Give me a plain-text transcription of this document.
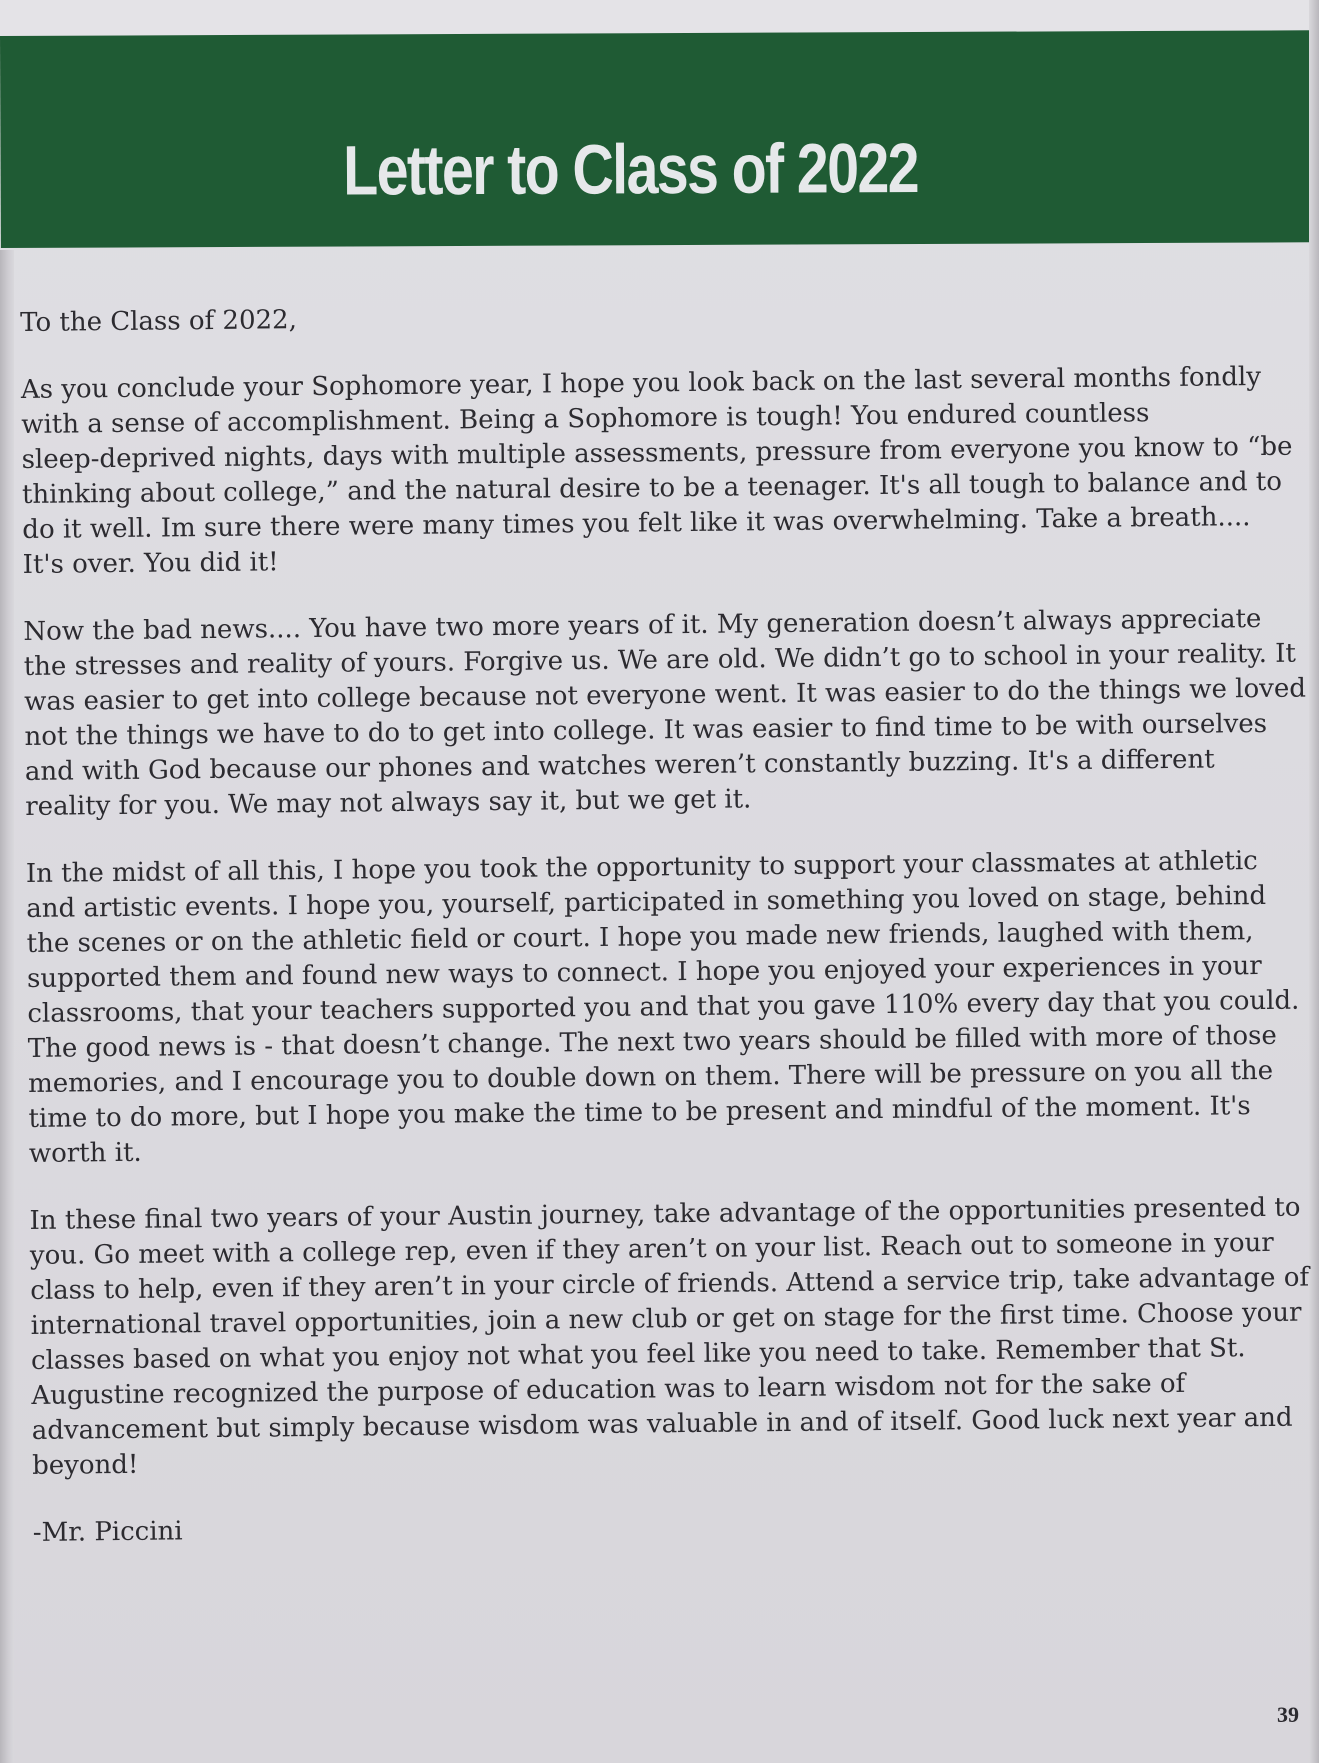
Letter to Class of 2022

To the Class of 2022,

As you conclude your Sophomore year, I hope you look back on the last several months fondly
with a sense of accomplishment. Being a Sophomore is tough! You endured countless
sleep-deprived nights, days with multiple assessments, pressure from everyone you know to “be
thinking about college,” and the natural desire to be a teenager. It's all tough to balance and to
do it well. Im sure there were many times you felt like it was overwhelming. Take a breath....
It's over. You did it!
Now the bad news.... You have two more years of it. My generation doesn’t always appreciate
the stresses and reality of yours. Forgive us. We are old. We didn’t go to school in your reality. It
was easier to get into college because not everyone went. It was easier to do the things we loved
not the things we have to do to get into college. It was easier to find time to be with ourselves
and with God because our phones and watches weren’t constantly buzzing. It's a different
reality for you. We may not always say it, but we get it.
In the midst of all this, I hope you took the opportunity to support your classmates at athletic
and artistic events. I hope you, yourself, participated in something you loved on stage, behind
the scenes or on the athletic field or court. I hope you made new friends, laughed with them,
supported them and found new ways to connect. I hope you enjoyed your experiences in your
classrooms, that your teachers supported you and that you gave 110% every day that you could.
The good news is - that doesn’t change. The next two years should be filled with more of those
memories, and I encourage you to double down on them. There will be pressure on you all the
time to do more, but I hope you make the time to be present and mindful of the moment. It's
worth it.
In these final two years of your Austin journey, take advantage of the opportunities presented to
you. Go meet with a college rep, even if they aren’t on your list. Reach out to someone in your
class to help, even if they aren’t in your circle of friends. Attend a service trip, take advantage of
international travel opportunities, join a new club or get on stage for the first time. Choose your
classes based on what you enjoy not what you feel like you need to take. Remember that St.
Augustine recognized the purpose of education was to learn wisdom not for the sake of
advancement but simply because wisdom was valuable in and of itself. Good luck next year and
beyond!

-Mr. Piccini

39
